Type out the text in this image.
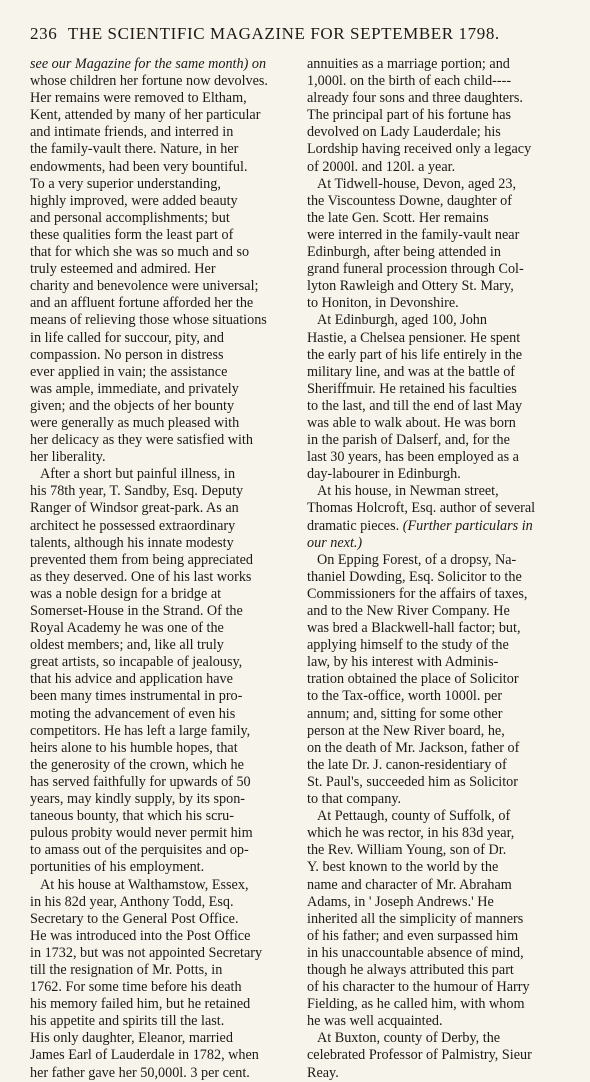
236 THE SCIENTIFIC MAGAZINE FOR SEPTEMBER 1798.
see our Magazine for the same month) on
whose children her fortune now devolves.
Her remains were removed to Eltham,
Kent, attended by many of her particular
and intimate friends, and interred in
the family-vault there. Nature, in her
endowments, had been very bountiful.
To a very superior understanding,
highly improved, were added beauty
and personal accomplishments; but
these qualities form the least part of
that for which she was so much and so
truly esteemed and admired. Her
charity and benevolence were universal;
and an affluent fortune afforded her the
means of relieving those whose situations
in life called for succour, pity, and
compassion. No person in distress
ever applied in vain; the assistance
was ample, immediate, and privately
given; and the objects of her bounty
were generally as much pleased with
her delicacy as they were satisfied with
her liberality.
After a short but painful illness, in
his 78th year, T. Sandby, Esq. Deputy
Ranger of Windsor great-park. As an
architect he possessed extraordinary
talents, although his innate modesty
prevented them from being appreciated
as they deserved. One of his last works
was a noble design for a bridge at
Somerset-House in the Strand. Of the
Royal Academy he was one of the
oldest members; and, like all truly
great artists, so incapable of jealousy,
that his advice and application have
been many times instrumental in pro-
moting the advancement of even his
competitors. He has left a large family,
heirs alone to his humble hopes, that
the generosity of the crown, which he
has served faithfully for upwards of 50
years, may kindly supply, by its spon-
taneous bounty, that which his scru-
pulous probity would never permit him
to amass out of the perquisites and op-
portunities of his employment.
At his house at Walthamstow, Essex,
in his 82d year, Anthony Todd, Esq.
Secretary to the General Post Office.
He was introduced into the Post Office
in 1732, but was not appointed Secretary
till the resignation of Mr. Potts, in
1762. For some time before his death
his memory failed him, but he retained
his appetite and spirits till the last.
His only daughter, Eleanor, married
James Earl of Lauderdale in 1782, when
her father gave her 50,000l. 3 per cent.
annuities as a marriage portion; and
1,000l. on the birth of each child----
already four sons and three daughters.
The principal part of his fortune has
devolved on Lady Lauderdale; his
Lordship having received only a legacy
of 2000l. and 120l. a year.
At Tidwell-house, Devon, aged 23,
the Viscountess Downe, daughter of
the late Gen. Scott. Her remains
were interred in the family-vault near
Edinburgh, after being attended in
grand funeral procession through Col-
lyton Rawleigh and Ottery St. Mary,
to Honiton, in Devonshire.
At Edinburgh, aged 100, John
Hastie, a Chelsea pensioner. He spent
the early part of his life entirely in the
military line, and was at the battle of
Sheriffmuir. He retained his faculties
to the last, and till the end of last May
was able to walk about. He was born
in the parish of Dalserf, and, for the
last 30 years, has been employed as a
day-labourer in Edinburgh.
At his house, in Newman street,
Thomas Holcroft, Esq. author of several
dramatic pieces. (Further particulars in
our next.)
On Epping Forest, of a dropsy, Na-
thaniel Dowding, Esq. Solicitor to the
Commissioners for the affairs of taxes,
and to the New River Company. He
was bred a Blackwell-hall factor; but,
applying himself to the study of the
law, by his interest with Adminis-
tration obtained the place of Solicitor
to the Tax-office, worth 1000l. per
annum; and, sitting for some other
person at the New River board, he,
on the death of Mr. Jackson, father of
the late Dr. J. canon-residentiary of
St. Paul's, succeeded him as Solicitor
to that company.
At Pettaugh, county of Suffolk, of
which he was rector, in his 83d year,
the Rev. William Young, son of Dr.
Y. best known to the world by the
name and character of Mr. Abraham
Adams, in ' Joseph Andrews.' He
inherited all the simplicity of manners
of his father; and even surpassed him
in his unaccountable absence of mind,
though he always attributed this part
of his character to the humour of Harry
Fielding, as he called him, with whom
he was well acquainted.
At Buxton, county of Derby, the
celebrated Professor of Palmistry, Sieur
Reay.
